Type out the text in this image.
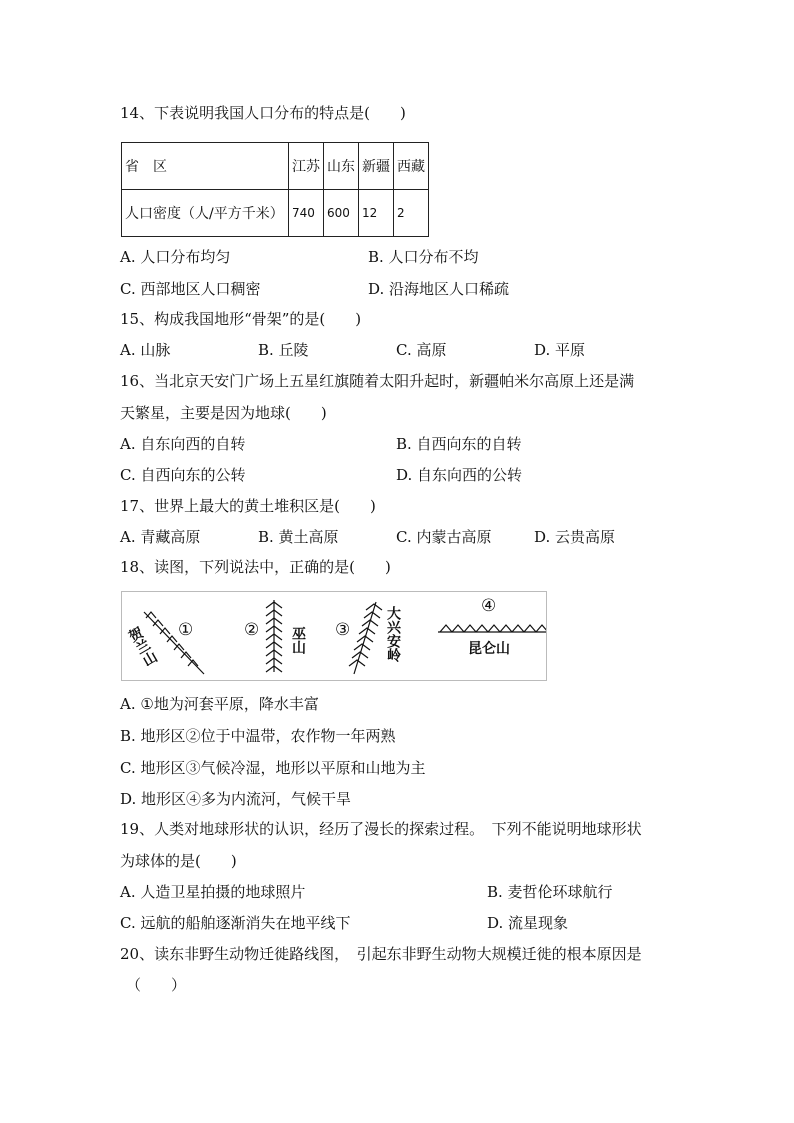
14、下表说明我国人口分布的特点是(　　)
省　区	江苏	山东	新疆	西藏
人口密度（人/平方千米）	740	600	12	2
A. 人口分布均匀	B. 人口分布不均
C. 西部地区人口稠密	D. 沿海地区人口稀疏
15、构成我国地形“骨架”的是(　　)
A. 山脉	B. 丘陵	C. 高原	D. 平原
16、当北京天安门广场上五星红旗随着太阳升起时，新疆帕米尔高原上还是满
天繁星，主要是因为地球(　　)
A. 自东向西的自转	B. 自西向东的自转
C. 自西向东的公转	D. 自东向西的公转
17、世界上最大的黄土堆积区是(　　)
A. 青藏高原	B. 黄土高原	C. 内蒙古高原	D. 云贵高原
18、读图，下列说法中，正确的是(　　)
①	②	③
④
贺兰山	巫山	大兴安岭	昆仑山
A. ①地为河套平原，降水丰富
B. 地形区②位于中温带，农作物一年两熟
C. 地形区③气候冷湿，地形以平原和山地为主
D. 地形区④多为内流河，气候干旱
19、人类对地球形状的认识，经历了漫长的探索过程。　下列不能说明地球形状
为球体的是(　　)
A. 人造卫星拍摄的地球照片	B. 麦哲伦环球航行
C. 远航的船舶逐渐消失在地平线下	D. 流星现象
20、读东非野生动物迁徙路线图，　引起东非野生动物大规模迁徙的根本原因是
（　　）
